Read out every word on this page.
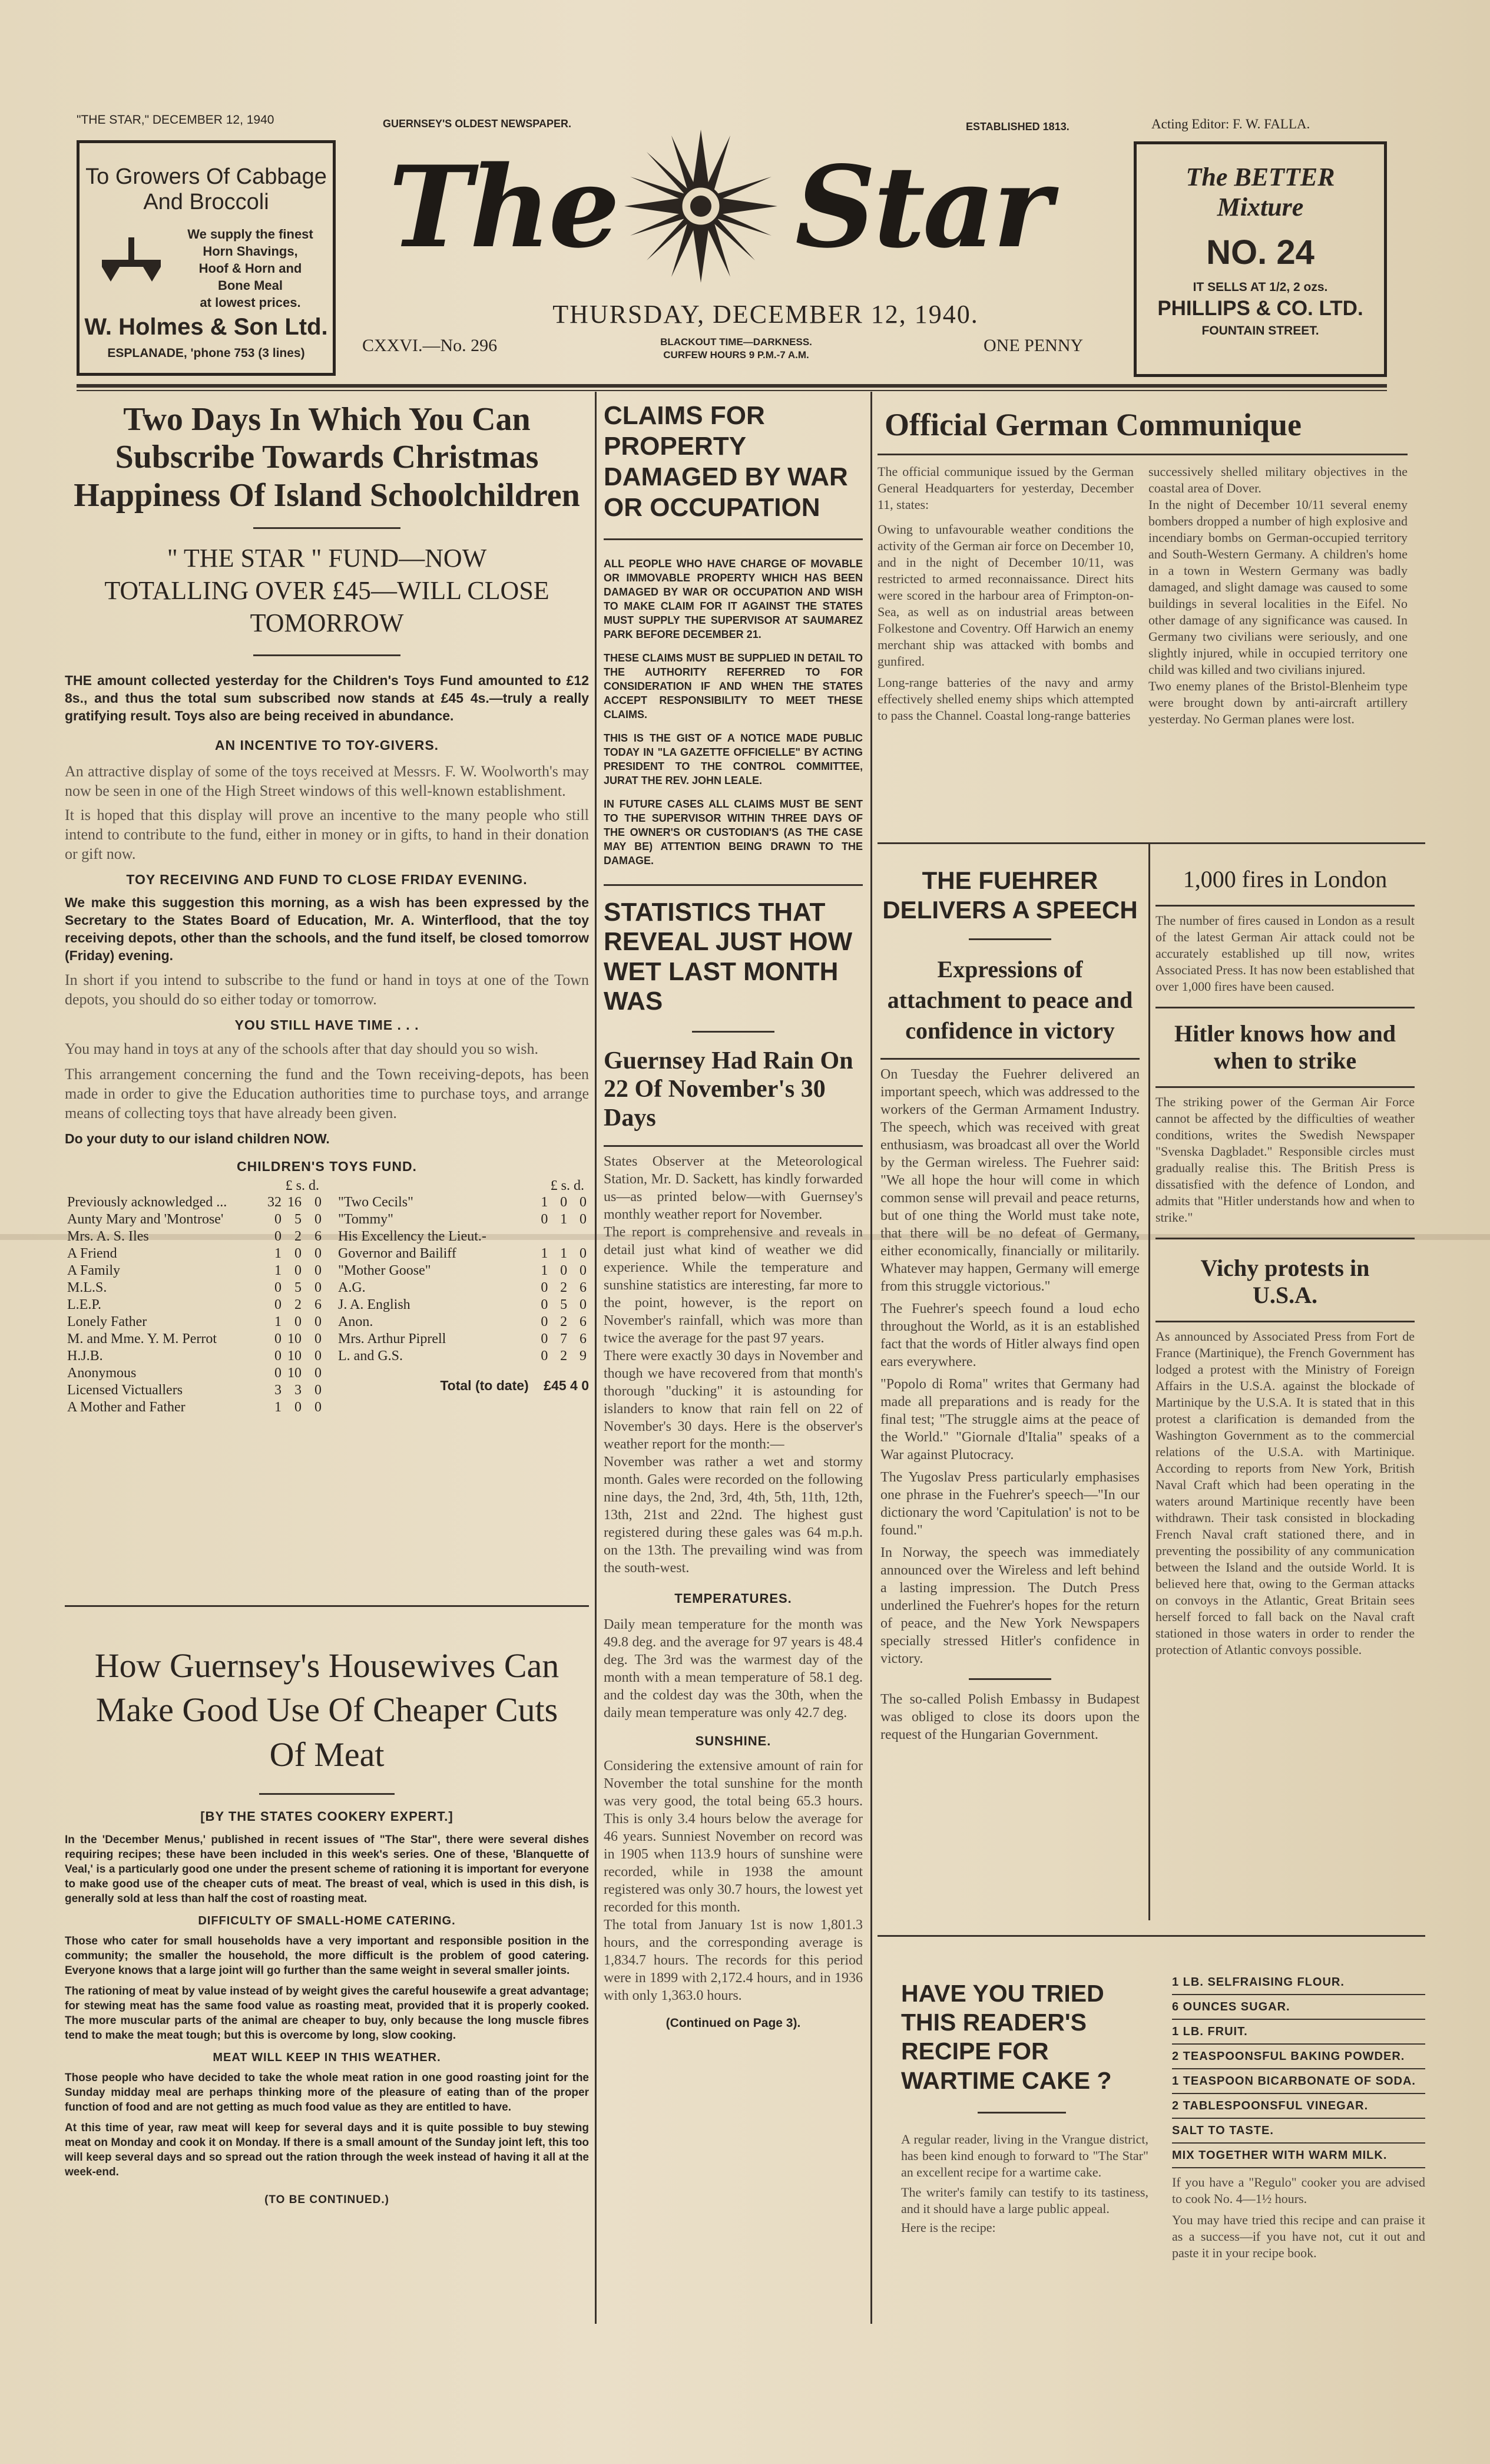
"THE STAR," DECEMBER 12, 1940	GUERNSEY'S OLDEST NEWSPAPER.	ESTABLISHED 1813.	Acting Editor: F. W. FALLA.
To Growers Of Cabbage
And Broccoli
We supply the finest
Horn Shavings,
Hoof & Horn and
Bone Meal
at lowest prices.
W. Holmes & Son Ltd.
ESPLANADE, 'phone 753 (3 lines)
The Star
THURSDAY, DECEMBER 12, 1940.
CXXVI.—No. 296	BLACKOUT TIME—DARKNESS.
CURFEW HOURS 9 P.M.-7 A.M.	ONE PENNY
The BETTER
Mixture
NO. 24
IT SELLS AT 1/2, 2 ozs.
PHILLIPS & CO. LTD.
FOUNTAIN STREET.
Two Days In Which You Can Subscribe Towards Christmas Happiness Of Island Schoolchildren
" THE STAR " FUND—NOW TOTALLING OVER £45—WILL CLOSE TOMORROW
THE amount collected yesterday for the Children's Toys Fund amounted to £12 8s., and thus the total sum subscribed now stands at £45 4s.—truly a really gratifying result. Toys also are being received in abundance.
AN INCENTIVE TO TOY-GIVERS.
An attractive display of some of the toys received at Messrs. F. W. Woolworth's may now be seen in one of the High Street windows of this well-known establishment.
It is hoped that this display will prove an incentive to the many people who still intend to contribute to the fund, either in money or in gifts, to hand in their donation or gift now.
TOY RECEIVING AND FUND TO CLOSE FRIDAY EVENING.
We make this suggestion this morning, as a wish has been expressed by the Secretary to the States Board of Education, Mr. A. Winterflood, that the toy receiving depots, other than the schools, and the fund itself, be closed tomorrow (Friday) evening.
In short if you intend to subscribe to the fund or hand in toys at one of the Town depots, you should do so either today or tomorrow.
YOU STILL HAVE TIME . . .
You may hand in toys at any of the schools after that day should you so wish.
This arrangement concerning the fund and the Town receiving-depots, has been made in order to give the Education authorities time to purchase toys, and arrange means of collecting toys that have already been given.
Do your duty to our island children NOW.
CHILDREN'S TOYS FUND.
£ s. d.
Previously acknowledged ...	32	16	0
Aunty Mary and 'Montrose'	0	5	0
Mrs. A. S. Iles	0	2	6
A Friend	1	0	0
A Family	1	0	0
M.L.S.	0	5	0
L.E.P.	0	2	6
Lonely Father	1	0	0
M. and Mme. Y. M. Perrot	0	10	0
H.J.B.	0	10	0
Anonymous	0	10	0
Licensed Victuallers	3	3	0
A Mother and Father	1	0	0
£ s. d.
"Two Cecils"	1	0	0
"Tommy"	0	1	0
His Excellency the Lieut.-			
Governor and Bailiff	1	1	0
"Mother Goose"	1	0	0
A.G.	0	2	6
J. A. English	0	5	0
Anon.	0	2	6
Mrs. Arthur Piprell	0	7	6
L. and G.S.	0	2	9
Total (to date) £45 4 0
How Guernsey's Housewives Can Make Good Use Of Cheaper Cuts Of Meat
[BY THE STATES COOKERY EXPERT.]
In the 'December Menus,' published in recent issues of "The Star", there were several dishes requiring recipes; these have been included in this week's series. One of these, 'Blanquette of Veal,' is a particularly good one under the present scheme of rationing it is important for everyone to make good use of the cheaper cuts of meat. The breast of veal, which is used in this dish, is generally sold at less than half the cost of roasting meat.
DIFFICULTY OF SMALL-HOME CATERING.
Those who cater for small households have a very important and responsible position in the community; the smaller the household, the more difficult is the problem of good catering. Everyone knows that a large joint will go further than the same weight in several smaller joints.
The rationing of meat by value instead of by weight gives the careful housewife a great advantage; for stewing meat has the same food value as roasting meat, provided that it is properly cooked. The more muscular parts of the animal are cheaper to buy, only because the long muscle fibres tend to make the meat tough; but this is overcome by long, slow cooking.
MEAT WILL KEEP IN THIS WEATHER.
Those people who have decided to take the whole meat ration in one good roasting joint for the Sunday midday meal are perhaps thinking more of the pleasure of eating than of the proper function of food and are not getting as much food value as they are entitled to have.
At this time of year, raw meat will keep for several days and it is quite possible to buy stewing meat on Monday and cook it on Monday. If there is a small amount of the Sunday joint left, this too will keep several days and so spread out the ration through the week instead of having it all at the week-end.
(TO BE CONTINUED.)
CLAIMS FOR PROPERTY DAMAGED BY WAR OR OCCUPATION
ALL PEOPLE WHO HAVE CHARGE OF MOVABLE OR IMMOVABLE PROPERTY WHICH HAS BEEN DAMAGED BY WAR OR OCCUPATION AND WISH TO MAKE CLAIM FOR IT AGAINST THE STATES MUST SUPPLY THE SUPERVISOR AT SAUMAREZ PARK BEFORE DECEMBER 21.
THESE CLAIMS MUST BE SUPPLIED IN DETAIL TO THE AUTHORITY REFERRED TO FOR CONSIDERATION IF AND WHEN THE STATES ACCEPT RESPONSIBILITY TO MEET THESE CLAIMS.
THIS IS THE GIST OF A NOTICE MADE PUBLIC TODAY IN "LA GAZETTE OFFICIELLE" BY ACTING PRESIDENT TO THE CONTROL COMMITTEE, JURAT THE REV. JOHN LEALE.
IN FUTURE CASES ALL CLAIMS MUST BE SENT TO THE SUPERVISOR WITHIN THREE DAYS OF THE OWNER'S OR CUSTODIAN'S (AS THE CASE MAY BE) ATTENTION BEING DRAWN TO THE DAMAGE.
STATISTICS THAT REVEAL JUST HOW WET LAST MONTH WAS
Guernsey Had Rain On 22 Of November's 30 Days
States Observer at the Meteorological Station, Mr. D. Sackett, has kindly forwarded us—as printed below—with Guernsey's monthly weather report for November.
The report is comprehensive and reveals in detail just what kind of weather we did experience. While the temperature and sunshine statistics are interesting, far more to the point, however, is the report on November's rainfall, which was more than twice the average for the past 97 years.
There were exactly 30 days in November and though we have recovered from that month's thorough "ducking" it is astounding for islanders to know that rain fell on 22 of November's 30 days. Here is the observer's weather report for the month:—
November was rather a wet and stormy month. Gales were recorded on the following nine days, the 2nd, 3rd, 4th, 5th, 11th, 12th, 13th, 21st and 22nd. The highest gust registered during these gales was 64 m.p.h. on the 13th. The prevailing wind was from the south-west.
TEMPERATURES.
Daily mean temperature for the month was 49.8 deg. and the average for 97 years is 48.4 deg. The 3rd was the warmest day of the month with a mean temperature of 58.1 deg. and the coldest day was the 30th, when the daily mean temperature was only 42.7 deg.
SUNSHINE.
Considering the extensive amount of rain for November the total sunshine for the month was very good, the total being 65.3 hours. This is only 3.4 hours below the average for 46 years. Sunniest November on record was in 1905 when 113.9 hours of sunshine were recorded, while in 1938 the amount registered was only 30.7 hours, the lowest yet recorded for this month.
The total from January 1st is now 1,801.3 hours, and the corresponding average is 1,834.7 hours. The records for this period were in 1899 with 2,172.4 hours, and in 1936 with only 1,363.0 hours.
(Continued on Page 3).
Official German Communique
The official communique issued by the German General Headquarters for yesterday, December 11, states:
Owing to unfavourable weather conditions the activity of the German air force on December 10, and in the night of December 10/11, was restricted to armed reconnaissance. Direct hits were scored in the harbour area of Frimpton-on-Sea, as well as on industrial areas between Folkestone and Coventry. Off Harwich an enemy merchant ship was attacked with bombs and gunfired.
Long-range batteries of the navy and army effectively shelled enemy ships which attempted to pass the Channel. Coastal long-range batteries
successively shelled military objectives in the coastal area of Dover.
In the night of December 10/11 several enemy bombers dropped a number of high explosive and incendiary bombs on German-occupied territory and South-Western Germany. A children's home in a town in Western Germany was badly damaged, and slight damage was caused to some buildings in several localities in the Eifel. No other damage of any significance was caused. In Germany two civilians were seriously, and one slightly injured, while in occupied territory one child was killed and two civilians injured.
Two enemy planes of the Bristol-Blenheim type were brought down by anti-aircraft artillery yesterday. No German planes were lost.
THE FUEHRER DELIVERS A SPEECH
Expressions of attachment to peace and confidence in victory
On Tuesday the Fuehrer delivered an important speech, which was addressed to the workers of the German Armament Industry. The speech, which was received with great enthusiasm, was broadcast all over the World by the German wireless. The Fuehrer said: "We all hope the hour will come in which common sense will prevail and peace returns, but of one thing the World must take note, that there will be no defeat of Germany, either economically, financially or militarily. Whatever may happen, Germany will emerge from this struggle victorious."
The Fuehrer's speech found a loud echo throughout the World, as it is an established fact that the words of Hitler always find open ears everywhere.
"Popolo di Roma" writes that Germany had made all preparations and is ready for the final test; "The struggle aims at the peace of the World." "Giornale d'Italia" speaks of a War against Plutocracy.
The Yugoslav Press particularly emphasises one phrase in the Fuehrer's speech—"In our dictionary the word 'Capitulation' is not to be found."
In Norway, the speech was immediately announced over the Wireless and left behind a lasting impression. The Dutch Press underlined the Fuehrer's hopes for the return of peace, and the New York Newspapers specially stressed Hitler's confidence in victory.
The so-called Polish Embassy in Budapest was obliged to close its doors upon the request of the Hungarian Government.
1,000 fires in London
The number of fires caused in London as a result of the latest German Air attack could not be accurately established up till now, writes Associated Press. It has now been established that over 1,000 fires have been caused.
Hitler knows how and when to strike
The striking power of the German Air Force cannot be affected by the difficulties of weather conditions, writes the Swedish Newspaper "Svenska Dagbladet." Responsible circles must gradually realise this. The British Press is dissatisfied with the defence of London, and admits that "Hitler understands how and when to strike."
Vichy protests in U.S.A.
As announced by Associated Press from Fort de France (Martinique), the French Government has lodged a protest with the Ministry of Foreign Affairs in the U.S.A. against the blockade of Martinique by the U.S.A. It is stated that in this protest a clarification is demanded from the Washington Government as to the commercial relations of the U.S.A. with Martinique. According to reports from New York, British Naval Craft which had been operating in the waters around Martinique recently have been withdrawn. Their task consisted in blockading French Naval craft stationed there, and in preventing the possibility of any communication between the Island and the outside World. It is believed here that, owing to the German attacks on convoys in the Atlantic, Great Britain sees herself forced to fall back on the Naval craft stationed in those waters in order to render the protection of Atlantic convoys possible.
HAVE YOU TRIED THIS READER'S RECIPE FOR WARTIME CAKE ?
A regular reader, living in the Vrangue district, has been kind enough to forward to "The Star" an excellent recipe for a wartime cake.
The writer's family can testify to its tastiness, and it should have a large public appeal.
Here is the recipe:
1 LB. SELFRAISING FLOUR.
6 OUNCES SUGAR.
1 LB. FRUIT.
2 TEASPOONSFUL BAKING POWDER.
1 TEASPOON BICARBONATE OF SODA.
2 TABLESPOONSFUL VINEGAR.
SALT TO TASTE.
MIX TOGETHER WITH WARM MILK.
If you have a "Regulo" cooker you are advised to cook No. 4—1½ hours.
You may have tried this recipe and can praise it as a success—if you have not, cut it out and paste it in your recipe book.
